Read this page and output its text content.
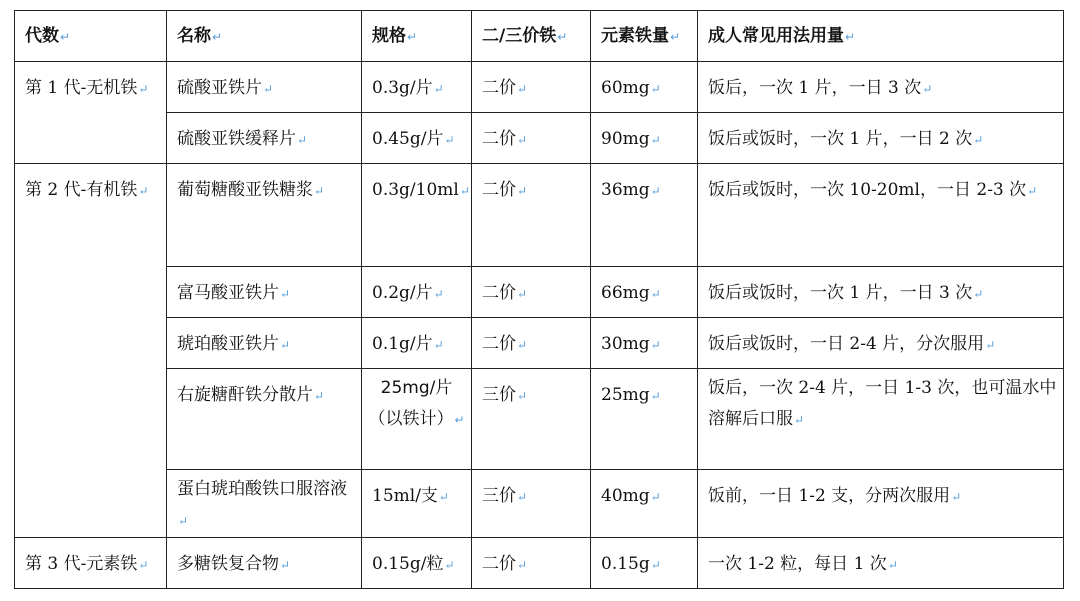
代数 ↵	名称 ↵	规格 ↵	二/三价铁 ↵	元素铁量 ↵	成人常见用法用量 ↵
第 1 代-无机铁 ↵	硫酸亚铁片 ↵	0.3g/片 ↵	二价 ↵	60mg ↵	饭后，一次 1 片，一日 3 次 ↵
	硫酸亚铁缓释片 ↵	0.45g/片 ↵	二价 ↵	90mg ↵	饭后或饭时，一次 1 片，一日 2 次 ↵
第 2 代-有机铁 ↵	葡萄糖酸亚铁糖浆 ↵	0.3g/10ml ↵	二价 ↵	36mg ↵	饭后或饭时，一次 10-20ml，一日 2-3 次 ↵
	富马酸亚铁片 ↵	0.2g/片 ↵	二价 ↵	66mg ↵	饭后或饭时，一次 1 片，一日 3 次 ↵
	琥珀酸亚铁片 ↵	0.1g/片 ↵	二价 ↵	30mg ↵	饭后或饭时，一日 2-4 片，分次服用 ↵
	右旋糖酐铁分散片 ↵	25mg/片（以铁计） ↵	三价 ↵	25mg ↵	饭后，一次 2-4 片，一日 1-3 次，也可温水中溶解后口服 ↵
	蛋白琥珀酸铁口服溶液 ↵	15ml/支 ↵	三价 ↵	40mg ↵	饭前，一日 1-2 支，分两次服用 ↵
第 3 代-元素铁 ↵	多糖铁复合物 ↵	0.15g/粒 ↵	二价 ↵	0.15g ↵	一次 1-2 粒，每日 1 次 ↵
